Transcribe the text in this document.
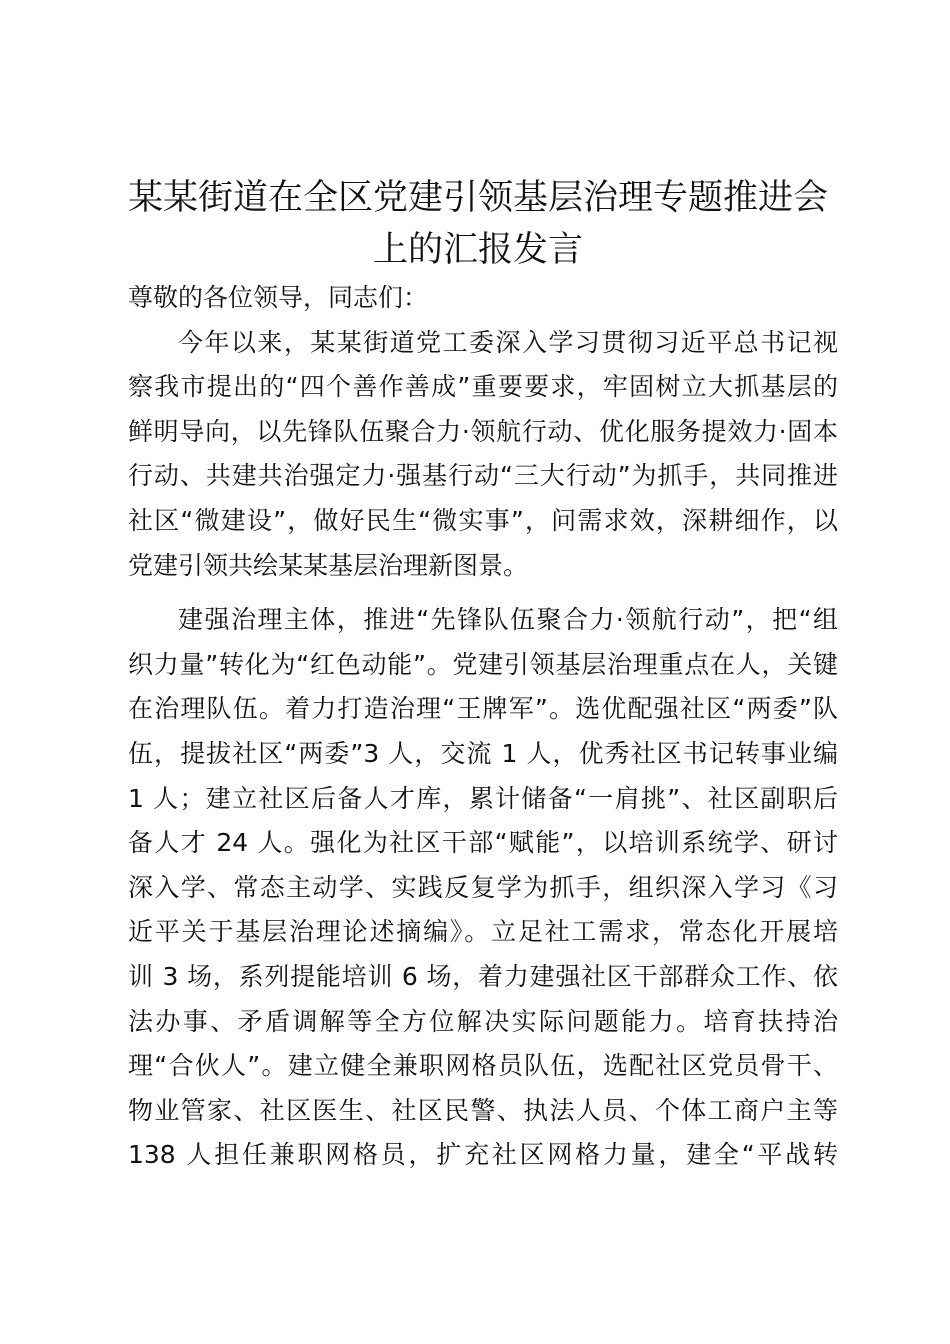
某某街道在全区党建引领基层治理专题推进会
上的汇报发言
尊敬的各位领导，同志们：
今年以来，某某街道党工委深入学习贯彻习近平总书记视
察我市提出的“四个善作善成”重要要求，牢固树立大抓基层的
鲜明导向，以先锋队伍聚合力·领航行动、优化服务提效力·固本
行动、共建共治强定力·强基行动“三大行动”为抓手，共同推进
社区“微建设”，做好民生“微实事”，问需求效，深耕细作，以
党建引领共绘某某基层治理新图景。
建强治理主体，推进“先锋队伍聚合力·领航行动”，把“组
织力量”转化为“红色动能”。党建引领基层治理重点在人，关键
在治理队伍。着力打造治理“王牌军”。选优配强社区“两委”队
伍，提拔社区“两委”3 人，交流 1 人，优秀社区书记转事业编
1 人；建立社区后备人才库，累计储备“一肩挑”、社区副职后
备人才 24 人。强化为社区干部“赋能”，以培训系统学、研讨
深入学、常态主动学、实践反复学为抓手，组织深入学习《习
近平关于基层治理论述摘编》。立足社工需求，常态化开展培
训 3 场，系列提能培训 6 场，着力建强社区干部群众工作、依
法办事、矛盾调解等全方位解决实际问题能力。培育扶持治
理“合伙人”。建立健全兼职网格员队伍，选配社区党员骨干、
物业管家、社区医生、社区民警、执法人员、个体工商户主等
138 人担任兼职网格员，扩充社区网格力量，建全“平战转
